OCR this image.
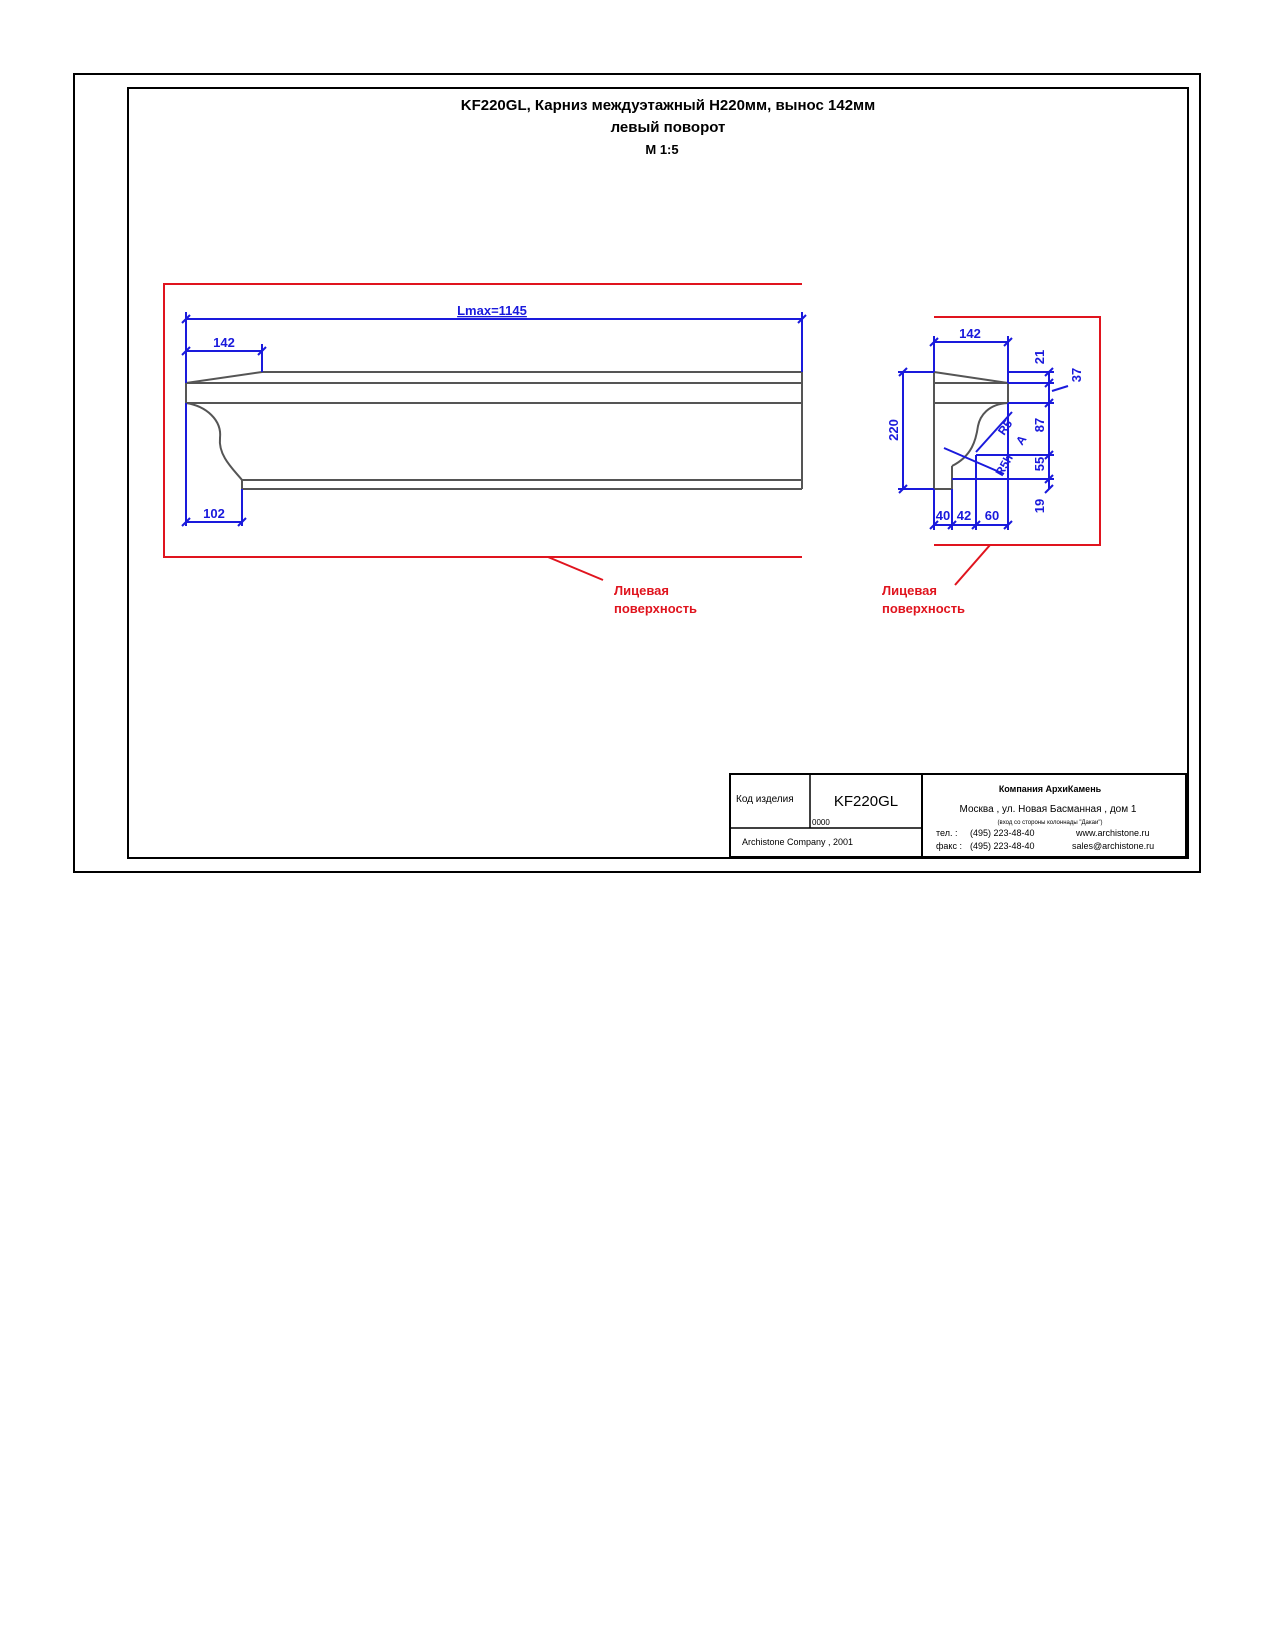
KF220GL, Карниз междуэтажный Н220мм, вынос 142мм
левый поворот
М 1:5
Lmax=1145
142
102
Лицевая
поверхность
142
220
21
87
55
19
37
40 42 60
R5
A
R5h
Лицевая
поверхность
Код изделия	KF220GL
0000
Archistone Company , 2001
Компания АрхиКамень
Москва , ул. Новая Басманная , дом 1
(вход со стороны колоннады "Дакаи")
тел. : (495) 223-48-40	www.archistone.ru
факс : (495) 223-48-40	sales@archistone.ru
